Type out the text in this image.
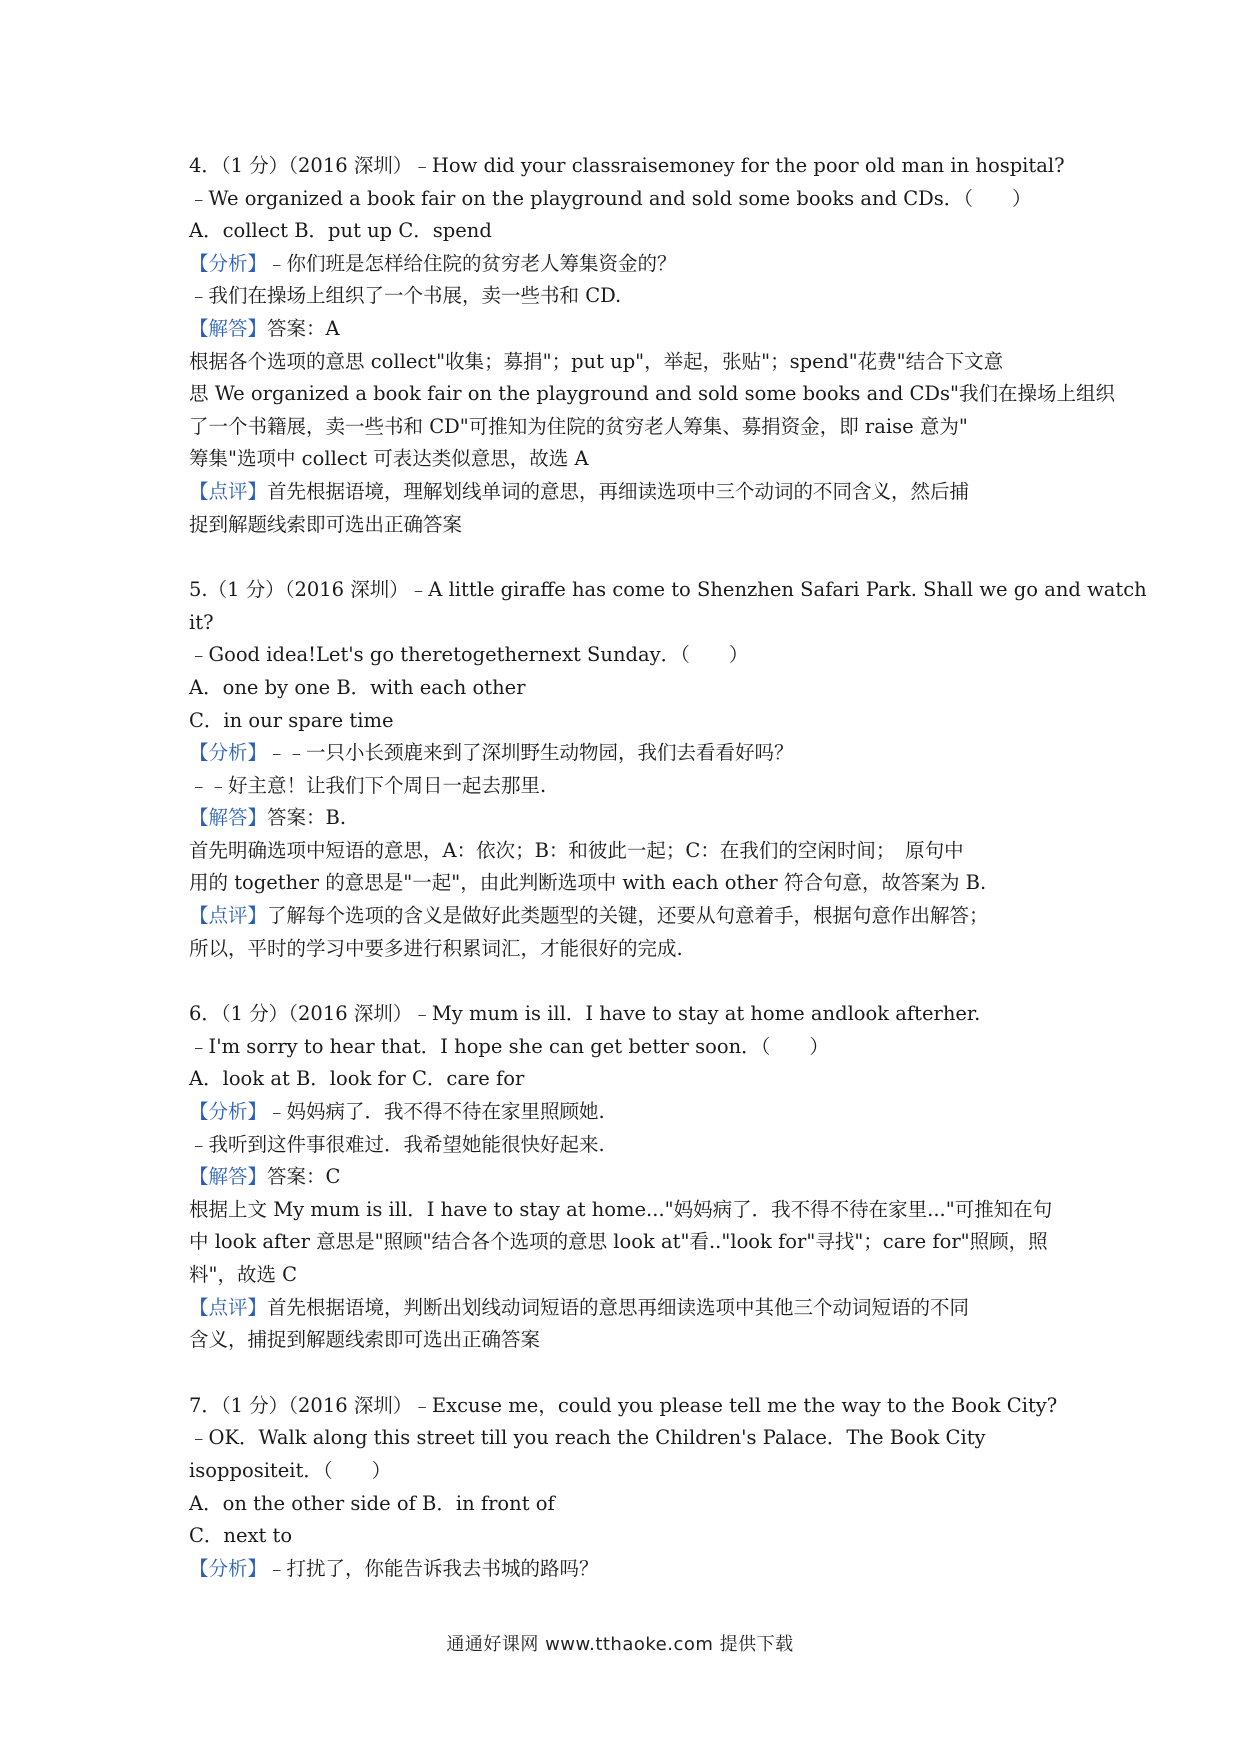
4．（1 分）（2016 深圳）﹣How did your classraisemoney for the poor old man in hospital?
﹣We organized a book fair on the playground and sold some books and CDs．（　　）
A．collect B．put up C．spend
【分析】﹣你们班是怎样给住院的贫穷老人筹集资金的？
﹣我们在操场上组织了一个书展，卖一些书和 CD.
【解答】答案：A
根据各个选项的意思 collect"收集；募捐"；put up"，举起，张贴"；spend"花费"结合下文意
思 We organized a book fair on the playground and sold some books and CDs"我们在操场上组织
了一个书籍展，卖一些书和 CD"可推知为住院的贫穷老人筹集、募捐资金，即 raise 意为"
筹集"选项中 collect 可表达类似意思，故选 A
【点评】首先根据语境，理解划线单词的意思，再细读选项中三个动词的不同含义，然后捕
捉到解题线索即可选出正确答案
5.（1 分）（2016 深圳）﹣A little giraffe has come to Shenzhen Safari Park. Shall we go and watch
it?
﹣Good idea!Let's go theretogethernext Sunday．（　　）
A．one by one B．with each other
C．in our spare time
【分析】﹣﹣一只小长颈鹿来到了深圳野生动物园，我们去看看好吗？
﹣﹣好主意！让我们下个周日一起去那里.
【解答】答案：B.
首先明确选项中短语的意思，A：依次；B：和彼此一起；C：在我们的空闲时间；　原句中
用的 together 的意思是"一起"，由此判断选项中 with each other 符合句意，故答案为 B.
【点评】了解每个选项的含义是做好此类题型的关键，还要从句意着手，根据句意作出解答；
所以，平时的学习中要多进行积累词汇，才能很好的完成.
6．（1 分）（2016 深圳）﹣My mum is ill．I have to stay at home andlook afterher.
﹣I'm sorry to hear that．I hope she can get better soon．（　　）
A．look at B．look for C．care for
【分析】﹣妈妈病了．我不得不待在家里照顾她.
﹣我听到这件事很难过．我希望她能很快好起来.
【解答】答案：C
根据上文 My mum is ill．I have to stay at home..."妈妈病了．我不得不待在家里..."可推知在句
中 look after 意思是"照顾"结合各个选项的意思 look at"看.."look for"寻找"；care for"照顾，照
料"，故选 C
【点评】首先根据语境，判断出划线动词短语的意思再细读选项中其他三个动词短语的不同
含义，捕捉到解题线索即可选出正确答案
7．（1 分）（2016 深圳）﹣Excuse me，could you please tell me the way to the Book City?
﹣OK．Walk along this street till you reach the Children's Palace．The Book City
isoppositeit．（　　）
A．on the other side of B．in front of
C．next to
【分析】﹣打扰了，你能告诉我去书城的路吗？
通通好课网 www.tthaoke.com 提供下载
